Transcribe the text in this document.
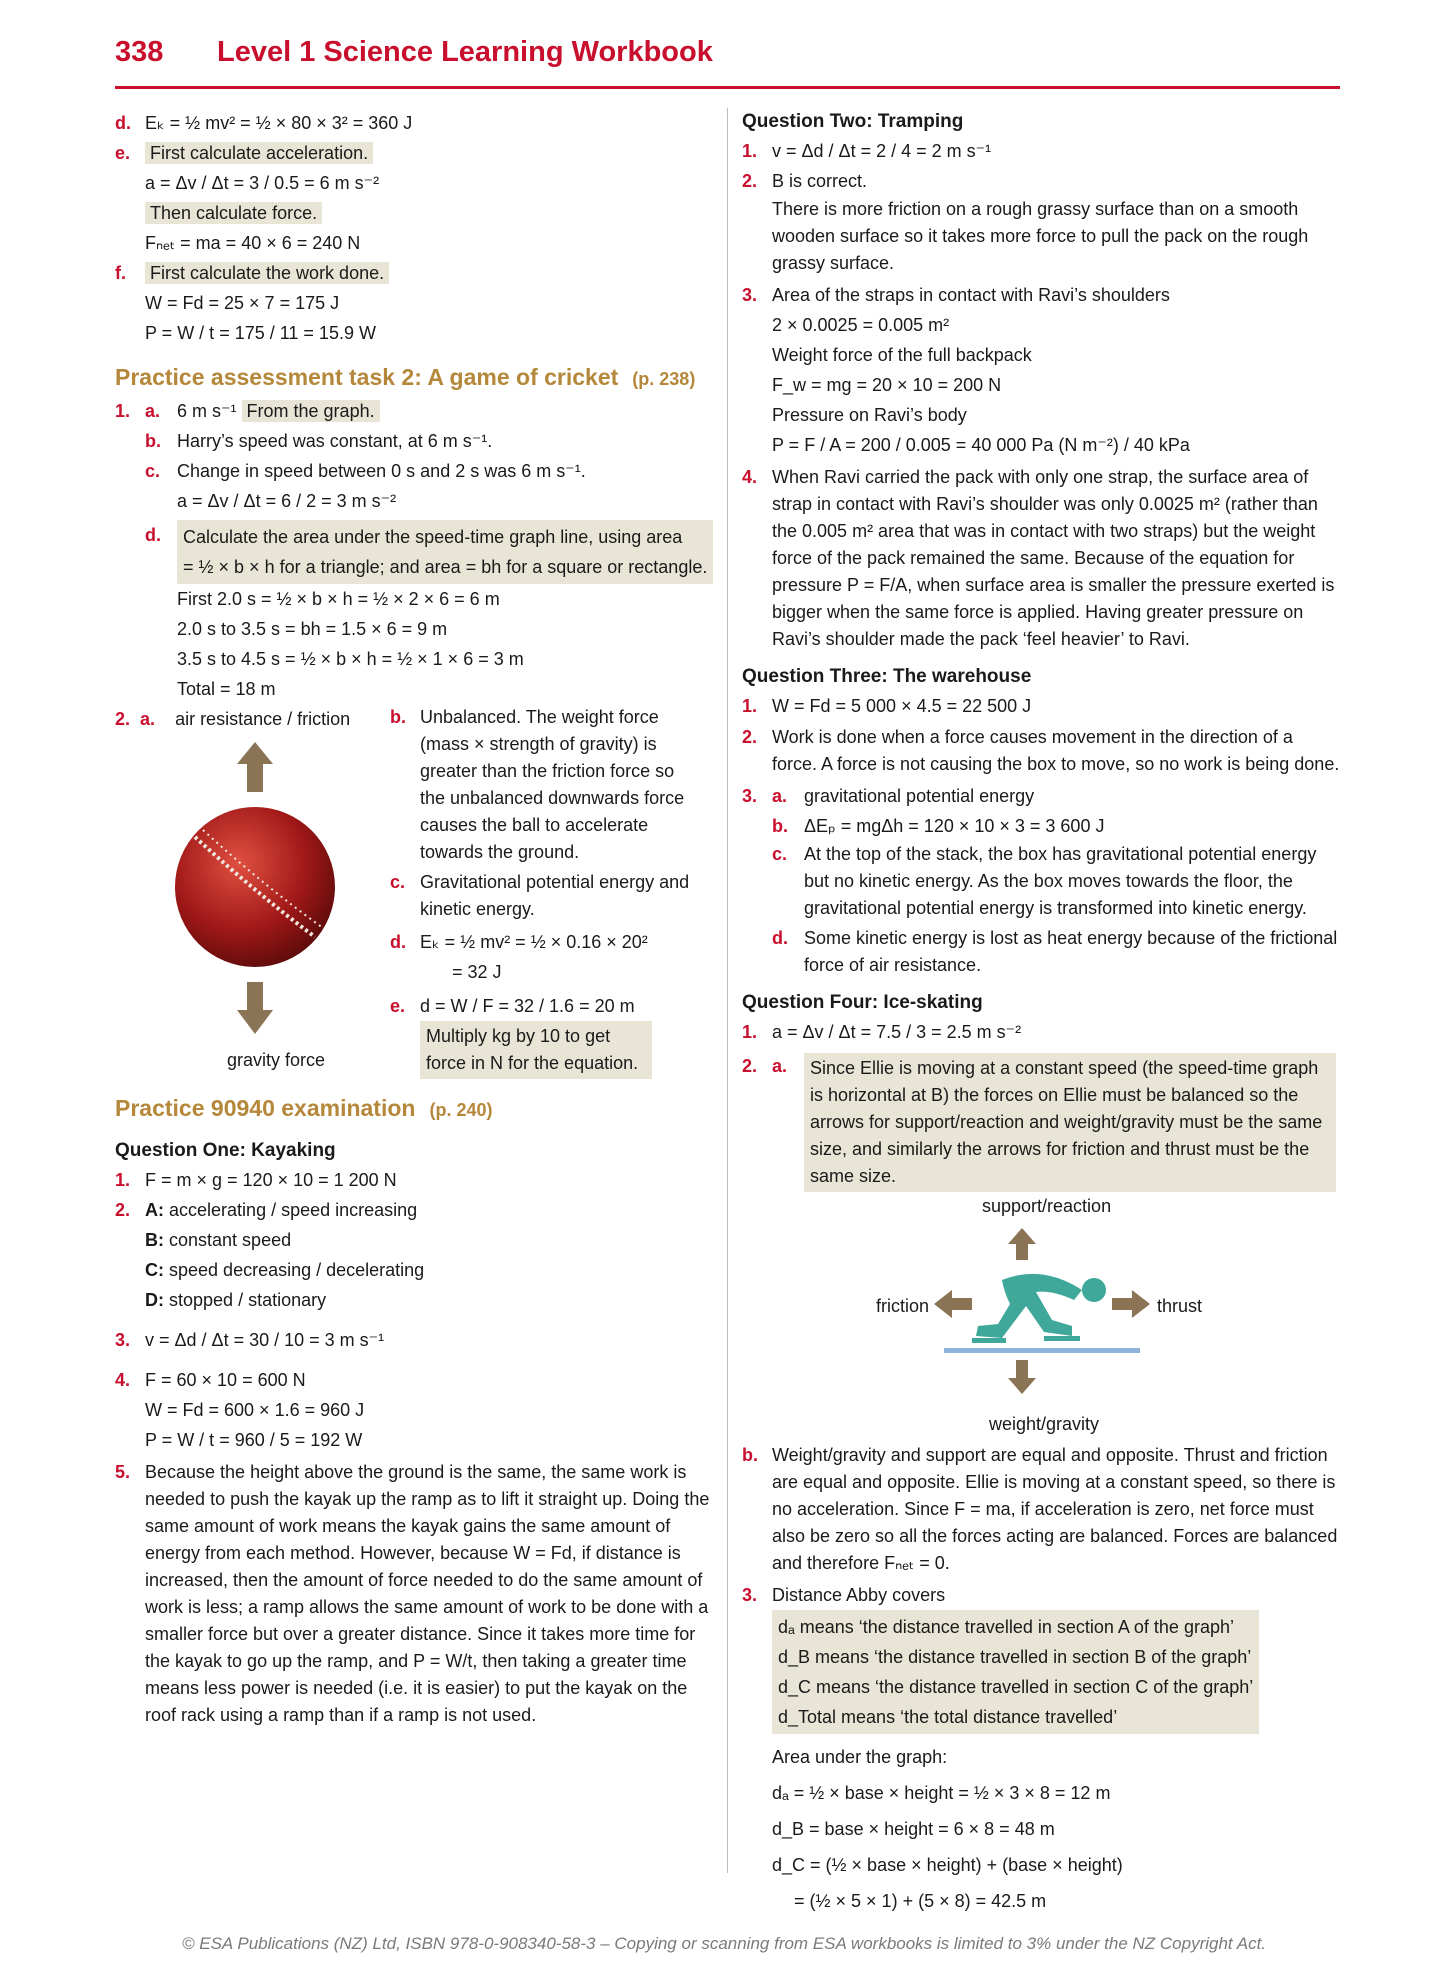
338 Level 1 Science Learning Workbook
d. Eₖ = ½ mv² = ½ × 80 × 3² = 360 J
e. First calculate acceleration.
a = Δv / Δt = 3 / 0.5 = 6 m s⁻²
Then calculate force.
Fₙₑₜ = ma = 40 × 6 = 240 N
f. First calculate the work done.
W = Fd = 25 × 7 = 175 J
P = W / t = 175 / 11 = 15.9 W
Practice assessment task 2: A game of cricket (p. 238)
1. a. 6 m s⁻¹ From the graph.
b. Harry’s speed was constant, at 6 m s⁻¹.
c. Change in speed between 0 s and 2 s was 6 m s⁻¹.
a = Δv / Δt = 6 / 2 = 3 m s⁻²
d. Calculate the area under the speed-time graph line, using area
= ½ × b × h for a triangle; and area = bh for a square or rectangle.
First 2.0 s = ½ × b × h = ½ × 2 × 6 = 6 m
2.0 s to 3.5 s = bh = 1.5 × 6 = 9 m
3.5 s to 4.5 s = ½ × b × h = ½ × 1 × 6 = 3 m
Total = 18 m
2. a. air resistance / friction
gravity force
b. Unbalanced. The weight force (mass × strength of gravity) is greater than the friction force so the unbalanced downwards force causes the ball to accelerate towards the ground.
c. Gravitational potential energy and kinetic energy.
d. Eₖ = ½ mv² = ½ × 0.16 × 20²
= 32 J
e. d = W / F = 32 / 1.6 = 20 m
Multiply kg by 10 to get force in N for the equation.
Practice 90940 examination (p. 240)
Question One: Kayaking
1. F = m × g = 120 × 10 = 1 200 N
2. A: accelerating / speed increasing
B: constant speed
C: speed decreasing / decelerating
D: stopped / stationary
3. v = Δd / Δt = 30 / 10 = 3 m s⁻¹
4. F = 60 × 10 = 600 N
W = Fd = 600 × 1.6 = 960 J
P = W / t = 960 / 5 = 192 W
5. Because the height above the ground is the same, the same work is needed to push the kayak up the ramp as to lift it straight up. Doing the same amount of work means the kayak gains the same amount of energy from each method. However, because W = Fd, if distance is increased, then the amount of force needed to do the same amount of work is less; a ramp allows the same amount of work to be done with a smaller force but over a greater distance. Since it takes more time for the kayak to go up the ramp, and P = W/t, then taking a greater time means less power is needed (i.e. it is easier) to put the kayak on the roof rack using a ramp than if a ramp is not used.
Question Two: Tramping
1. v = Δd / Δt = 2 / 4 = 2 m s⁻¹
2. B is correct.
There is more friction on a rough grassy surface than on a smooth wooden surface so it takes more force to pull the pack on the rough grassy surface.
3. Area of the straps in contact with Ravi’s shoulders
2 × 0.0025 = 0.005 m²
Weight force of the full backpack
F_w = mg = 20 × 10 = 200 N
Pressure on Ravi’s body
P = F / A = 200 / 0.005 = 40 000 Pa (N m⁻²) / 40 kPa
4. When Ravi carried the pack with only one strap, the surface area of strap in contact with Ravi’s shoulder was only 0.0025 m² (rather than the 0.005 m² area that was in contact with two straps) but the weight force of the pack remained the same. Because of the equation for pressure P = F/A, when surface area is smaller the pressure exerted is bigger when the same force is applied. Having greater pressure on Ravi’s shoulder made the pack ‘feel heavier’ to Ravi.
Question Three: The warehouse
1. W = Fd = 5 000 × 4.5 = 22 500 J
2. Work is done when a force causes movement in the direction of a force. A force is not causing the box to move, so no work is being done.
3. a. gravitational potential energy
b. ΔEₚ = mgΔh = 120 × 10 × 3 = 3 600 J
c. At the top of the stack, the box has gravitational potential energy but no kinetic energy. As the box moves towards the floor, the gravitational potential energy is transformed into kinetic energy.
d. Some kinetic energy is lost as heat energy because of the frictional force of air resistance.
Question Four: Ice-skating
1. a = Δv / Δt = 7.5 / 3 = 2.5 m s⁻²
2. a. Since Ellie is moving at a constant speed (the speed-time graph is horizontal at B) the forces on Ellie must be balanced so the arrows for support/reaction and weight/gravity must be the same size, and similarly the arrows for friction and thrust must be the same size.
support/reaction
friction	thrust
weight/gravity
b. Weight/gravity and support are equal and opposite. Thrust and friction are equal and opposite. Ellie is moving at a constant speed, so there is no acceleration. Since F = ma, if acceleration is zero, net force must also be zero so all the forces acting are balanced. Forces are balanced and therefore Fₙₑₜ = 0.
3. Distance Abby covers
dₐ means ‘the distance travelled in section A of the graph’
d_B means ‘the distance travelled in section B of the graph’
d_C means ‘the distance travelled in section C of the graph’
d_Total means ‘the total distance travelled’
Area under the graph:
dₐ = ½ × base × height = ½ × 3 × 8 = 12 m
d_B = base × height = 6 × 8 = 48 m
d_C = (½ × base × height) + (base × height)
= (½ × 5 × 1) + (5 × 8) = 42.5 m
© ESA Publications (NZ) Ltd, ISBN 978-0-908340-58-3 – Copying or scanning from ESA workbooks is limited to 3% under the NZ Copyright Act.
